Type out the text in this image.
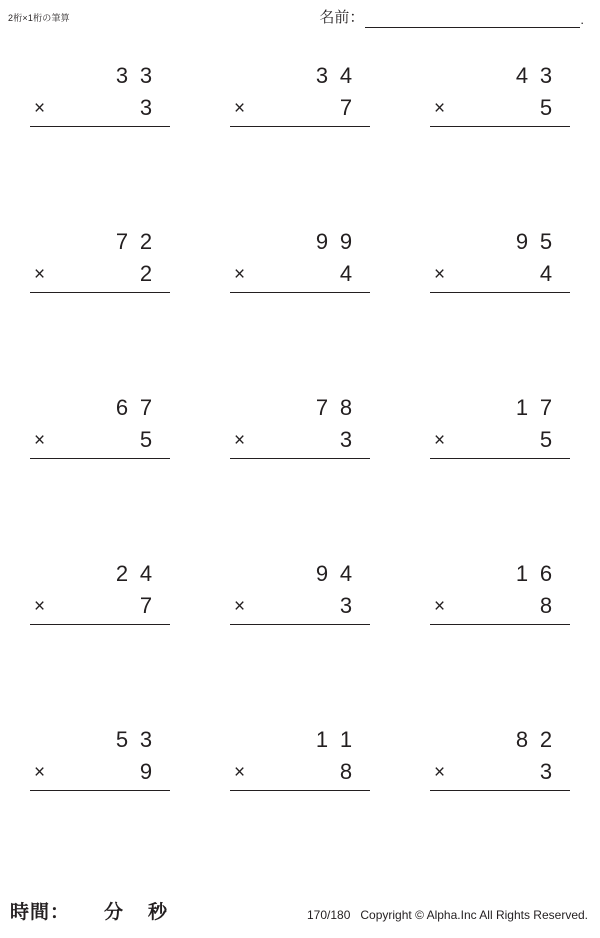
2桁×1桁の筆算	名前：	.
3 3
×	3
3 4
×	7
4 3
×	5
7 2
×	2
9 9
×	4
9 5
×	4
6 7
×	5
7 8
×	3
1 7
×	5
2 4
×	7
9 4
×	3
1 6
×	8
5 3
×	9
1 1
×	8
8 2
×	3
時間： 分 秒	170/180 Copyright © Alpha.Inc All Rights Reserved.
